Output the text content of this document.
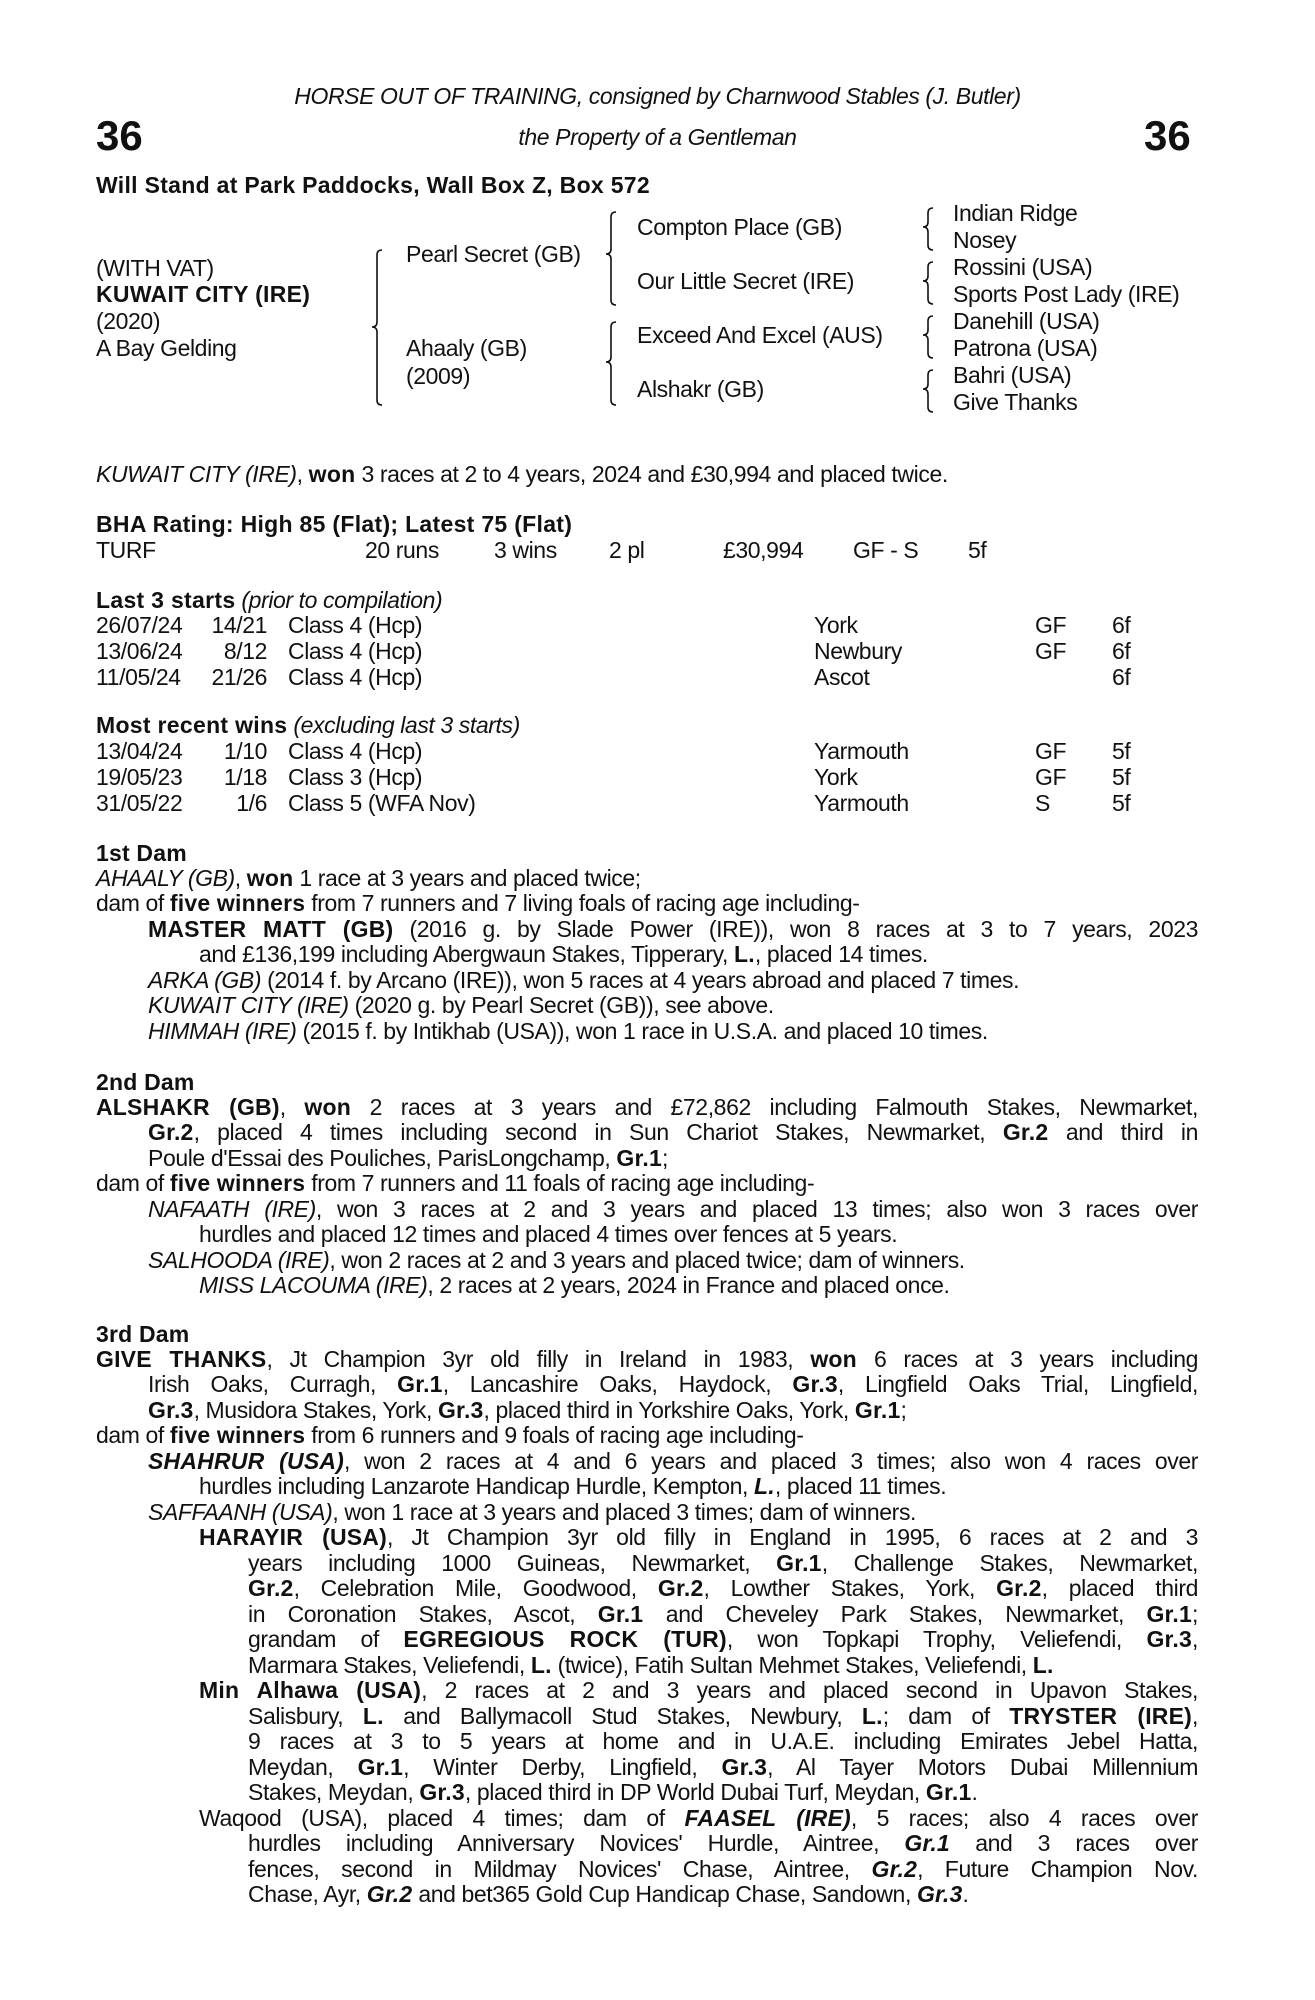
HORSE OUT OF TRAINING, consigned by Charnwood Stables (J. Butler)
the Property of a Gentleman
36	36
Will Stand at Park Paddocks, Wall Box Z, Box 572
(WITH VAT)
KUWAIT CITY (IRE)
(2020)
A Bay Gelding
Pearl Secret (GB)
Ahaaly (GB)
(2009)
Compton Place (GB)
Our Little Secret (IRE)
Exceed And Excel (AUS)
Alshakr (GB)
Indian Ridge
Nosey
Rossini (USA)
Sports Post Lady (IRE)
Danehill (USA)
Patrona (USA)
Bahri (USA)
Give Thanks
KUWAIT CITY (IRE), won 3 races at 2 to 4 years, 2024 and £30,994 and placed twice.
BHA Rating: High 85 (Flat); Latest 75 (Flat)
TURF	20 runs 3 wins 2 pl	£30,994 GF - S 5f
Last 3 starts (prior to compilation)
26/07/24 14/21 Class 4 (Hcp)	York	GF 6f
13/06/24 8/12 Class 4 (Hcp)	Newbury	GF 6f
11/05/24 21/26 Class 4 (Hcp)	Ascot	6f
Most recent wins (excluding last 3 starts)
13/04/24 1/10 Class 4 (Hcp)	Yarmouth	GF 5f
19/05/23 1/18 Class 3 (Hcp)	York	GF 5f
31/05/22 1/6 Class 5 (WFA Nov)	Yarmouth	S	5f
1st Dam
AHAALY (GB), won 1 race at 3 years and placed twice;
dam of five winners from 7 runners and 7 living foals of racing age including-
MASTER MATT (GB) (2016 g. by Slade Power (IRE)), won 8 races at 3 to 7 years, 2023
and £136,199 including Abergwaun Stakes, Tipperary, L., placed 14 times.
ARKA (GB) (2014 f. by Arcano (IRE)), won 5 races at 4 years abroad and placed 7 times.
KUWAIT CITY (IRE) (2020 g. by Pearl Secret (GB)), see above.
HIMMAH (IRE) (2015 f. by Intikhab (USA)), won 1 race in U.S.A. and placed 10 times.
2nd Dam
ALSHAKR (GB), won 2 races at 3 years and £72,862 including Falmouth Stakes, Newmarket,
Gr.2, placed 4 times including second in Sun Chariot Stakes, Newmarket, Gr.2 and third in
Poule d'Essai des Pouliches, ParisLongchamp, Gr.1;
dam of five winners from 7 runners and 11 foals of racing age including-
NAFAATH (IRE), won 3 races at 2 and 3 years and placed 13 times; also won 3 races over
hurdles and placed 12 times and placed 4 times over fences at 5 years.
SALHOODA (IRE), won 2 races at 2 and 3 years and placed twice; dam of winners.
MISS LACOUMA (IRE), 2 races at 2 years, 2024 in France and placed once.
3rd Dam
GIVE THANKS, Jt Champion 3yr old filly in Ireland in 1983, won 6 races at 3 years including
Irish Oaks, Curragh, Gr.1, Lancashire Oaks, Haydock, Gr.3, Lingfield Oaks Trial, Lingfield,
Gr.3, Musidora Stakes, York, Gr.3, placed third in Yorkshire Oaks, York, Gr.1;
dam of five winners from 6 runners and 9 foals of racing age including-
SHAHRUR (USA), won 2 races at 4 and 6 years and placed 3 times; also won 4 races over
hurdles including Lanzarote Handicap Hurdle, Kempton, L., placed 11 times.
SAFFAANH (USA), won 1 race at 3 years and placed 3 times; dam of winners.
HARAYIR (USA), Jt Champion 3yr old filly in England in 1995, 6 races at 2 and 3
years including 1000 Guineas, Newmarket, Gr.1, Challenge Stakes, Newmarket,
Gr.2, Celebration Mile, Goodwood, Gr.2, Lowther Stakes, York, Gr.2, placed third
in Coronation Stakes, Ascot, Gr.1 and Cheveley Park Stakes, Newmarket, Gr.1;
grandam of EGREGIOUS ROCK (TUR), won Topkapi Trophy, Veliefendi, Gr.3,
Marmara Stakes, Veliefendi, L. (twice), Fatih Sultan Mehmet Stakes, Veliefendi, L.
Min Alhawa (USA), 2 races at 2 and 3 years and placed second in Upavon Stakes,
Salisbury, L. and Ballymacoll Stud Stakes, Newbury, L.; dam of TRYSTER (IRE),
9 races at 3 to 5 years at home and in U.A.E. including Emirates Jebel Hatta,
Meydan, Gr.1, Winter Derby, Lingfield, Gr.3, Al Tayer Motors Dubai Millennium
Stakes, Meydan, Gr.3, placed third in DP World Dubai Turf, Meydan, Gr.1.
Waqood (USA), placed 4 times; dam of FAASEL (IRE), 5 races; also 4 races over
hurdles including Anniversary Novices' Hurdle, Aintree, Gr.1 and 3 races over
fences, second in Mildmay Novices' Chase, Aintree, Gr.2, Future Champion Nov.
Chase, Ayr, Gr.2 and bet365 Gold Cup Handicap Chase, Sandown, Gr.3.
